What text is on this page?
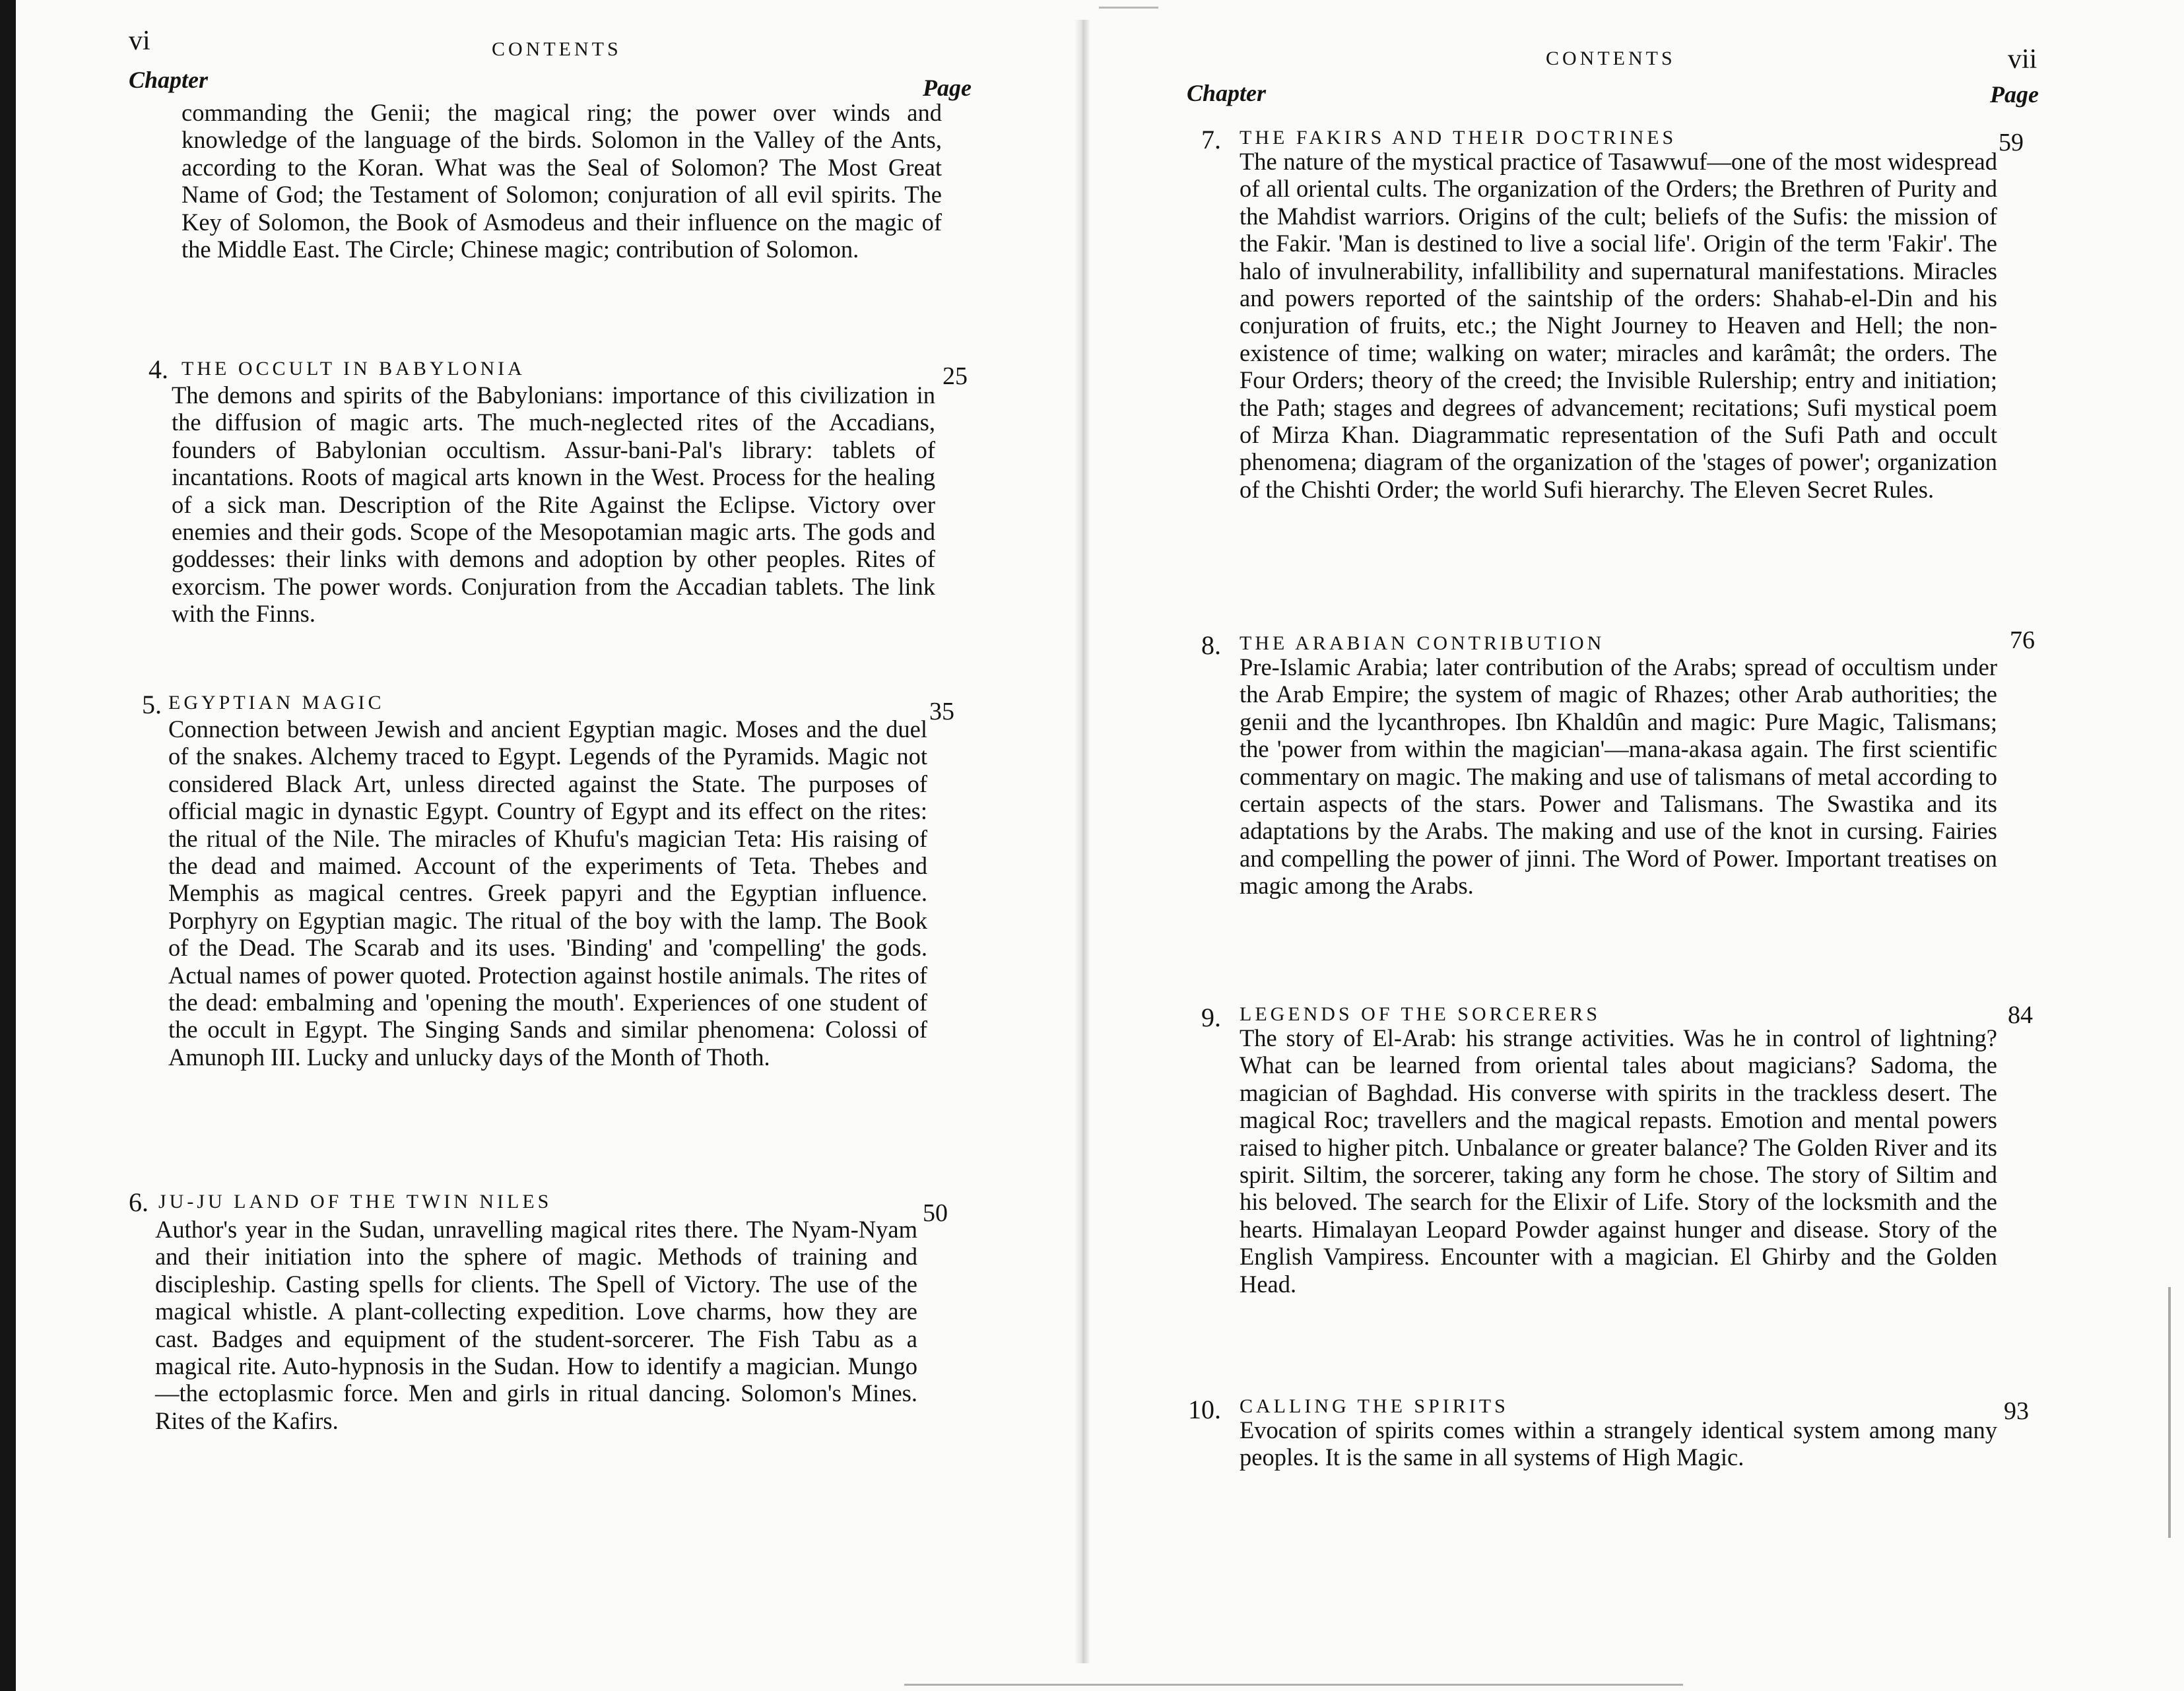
vi	CONTENTS
Chapter	Page

commanding the Genii; the magical ring; the power over winds and knowledge of the language of the birds. Solomon in the Valley of the Ants, according to the Koran. What was the Seal of Solomon? The Most Great Name of God; the Testament of Solomon; conjuration of all evil spirits. The Key of Solomon, the Book of Asmodeus and their influence on the magic of the Middle East. The Circle; Chinese magic; contribution of Solomon.

4. THE OCCULT IN BABYLONIA	25

The demons and spirits of the Babylonians: importance of this civilization in the diffusion of magic arts. The much-neglected rites of the Accadians, founders of Babylonian occultism. Assur-bani-Pal's library: tablets of incantations. Roots of magical arts known in the West. Process for the healing of a sick man. Description of the Rite Against the Eclipse. Victory over enemies and their gods. Scope of the Mesopotamian magic arts. The gods and goddesses: their links with demons and adoption by other peoples. Rites of exorcism. The power words. Conjuration from the Accadian tablets. The link with the Finns.

5. EGYPTIAN MAGIC	35

Connection between Jewish and ancient Egyptian magic. Moses and the duel of the snakes. Alchemy traced to Egypt. Legends of the Pyramids. Magic not considered Black Art, unless directed against the State. The purposes of official magic in dynastic Egypt. Country of Egypt and its effect on the rites: the ritual of the Nile. The miracles of Khufu's magician Teta: His raising of the dead and maimed. Account of the experiments of Teta. Thebes and Memphis as magical centres. Greek papyri and the Egyptian influence. Porphyry on Egyptian magic. The ritual of the boy with the lamp. The Book of the Dead. The Scarab and its uses. 'Binding' and 'compelling' the gods. Actual names of power quoted. Protection against hostile animals. The rites of the dead: embalming and 'opening the mouth'. Experiences of one student of the occult in Egypt. The Singing Sands and similar phenomena: Colossi of Amunoph III. Lucky and unlucky days of the Month of Thoth.

6. JU-JU LAND OF THE TWIN NILES	50

Author's year in the Sudan, unravelling magical rites there. The Nyam-Nyam and their initiation into the sphere of magic. Methods of training and discipleship. Casting spells for clients. The Spell of Victory. The use of the magical whistle. A plant-collecting expedition. Love charms, how they are cast. Badges and equipment of the student-sorcerer. The Fish Tabu as a magical rite. Auto-hypnosis in the Sudan. How to identify a magician. Mungo—the ectoplasmic force. Men and girls in ritual dancing. Solomon's Mines. Rites of the Kafirs.

CONTENTS	vii
Chapter	Page
7. THE FAKIRS AND THEIR DOCTRINES	59

The nature of the mystical practice of Tasawwuf—one of the most widespread of all oriental cults. The organization of the Orders; the Brethren of Purity and the Mahdist warriors. Origins of the cult; beliefs of the Sufis: the mission of the Fakir. 'Man is destined to live a social life'. Origin of the term 'Fakir'. The halo of invulnerability, infallibility and supernatural manifestations. Miracles and powers reported of the saintship of the orders: Shahab-el-Din and his conjuration of fruits, etc.; the Night Journey to Heaven and Hell; the non-existence of time; walking on water; miracles and karâmât; the orders. The Four Orders; theory of the creed; the Invisible Rulership; entry and initiation; the Path; stages and degrees of advancement; recitations; Sufi mystical poem of Mirza Khan. Diagrammatic representation of the Sufi Path and occult phenomena; diagram of the organization of the 'stages of power'; organization of the Chishti Order; the world Sufi hierarchy. The Eleven Secret Rules.

8. THE ARABIAN CONTRIBUTION	76

Pre-Islamic Arabia; later contribution of the Arabs; spread of occultism under the Arab Empire; the system of magic of Rhazes; other Arab authorities; the genii and the lycanthropes. Ibn Khaldûn and magic: Pure Magic, Talismans; the 'power from within the magician'—mana-akasa again. The first scientific commentary on magic. The making and use of talismans of metal according to certain aspects of the stars. Power and Talismans. The Swastika and its adaptations by the Arabs. The making and use of the knot in cursing. Fairies and compelling the power of jinni. The Word of Power. Important treatises on magic among the Arabs.

9. LEGENDS OF THE SORCERERS	84

The story of El-Arab: his strange activities. Was he in control of lightning? What can be learned from oriental tales about magicians? Sadoma, the magician of Baghdad. His converse with spirits in the trackless desert. The magical Roc; travellers and the magical repasts. Emotion and mental powers raised to higher pitch. Unbalance or greater balance? The Golden River and its spirit. Siltim, the sorcerer, taking any form he chose. The story of Siltim and his beloved. The search for the Elixir of Life. Story of the locksmith and the hearts. Himalayan Leopard Powder against hunger and disease. Story of the English Vampiress. Encounter with a magician. El Ghirby and the Golden Head.

10. CALLING THE SPIRITS	93

Evocation of spirits comes within a strangely identical system among many peoples. It is the same in all systems of High Magic.
